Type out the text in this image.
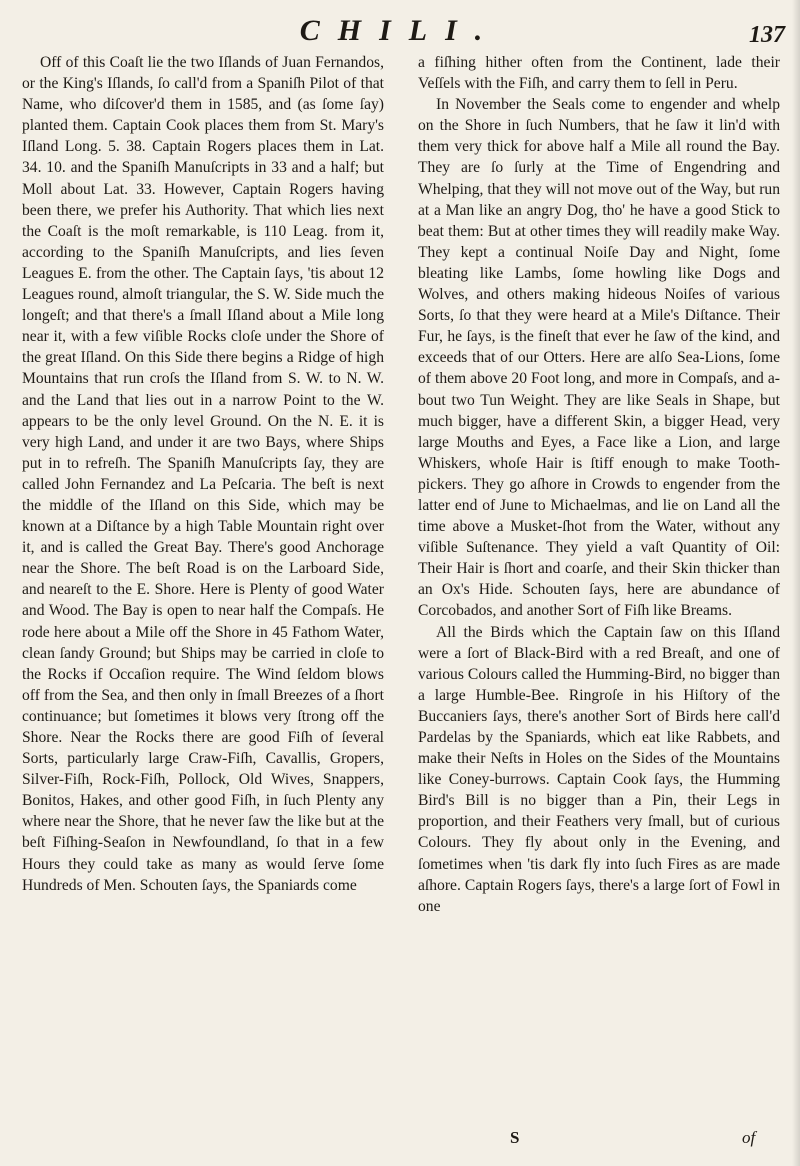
CHILI.	137

Off of this Coaſt lie the two Iſlands of Juan Fernandos, or the King's Iſlands, ſo call'd from a Spaniſh Pilot of that Name, who diſcover'd them in 1585, and (as ſome ſay) planted them. Captain Cook places them from St. Mary's Iſland Long. 5. 38. Captain Rogers places them in Lat. 34. 10. and the Spaniſh Manuſcripts in 33 and a half; but Moll about Lat. 33. However, Captain Rogers having been there, we prefer his Authority. That which lies next the Coaſt is the moſt remarkable, is 110 Leag. from it, according to the Spaniſh Manuſcripts, and lies ſeven Leagues E. from the other. The Captain ſays, 'tis about 12 Leagues round, almoſt triangular, the S. W. Side much the longeſt; and that there's a ſmall Iſland about a Mile long near it, with a few viſible Rocks cloſe under the Shore of the great Iſland. On this Side there begins a Ridge of high Mountains that run croſs the Iſland from S. W. to N. W. and the Land that lies out in a narrow Point to the W. appears to be the only level Ground. On the N. E. it is very high Land, and under it are two Bays, where Ships put in to refreſh. The Spaniſh Manuſcripts ſay, they are called John Fernandez and La Peſcaria. The beſt is next the middle of the Iſland on this Side, which may be known at a Diſtance by a high Table Mountain right over it, and is called the Great Bay. There's good Anchorage near the Shore. The beſt Road is on the Larboard Side, and neareſt to the E. Shore. Here is Plenty of good Water and Wood. The Bay is open to near half the Compaſs. He rode here about a Mile off the Shore in 45 Fathom Water, clean ſandy Ground; but Ships may be carried in cloſe to the Rocks if Occaſion require. The Wind ſeldom blows off from the Sea, and then only in ſmall Breezes of a ſhort continuance; but ſometimes it blows very ſtrong off the Shore. Near the Rocks there are good Fiſh of ſeveral Sorts, particularly large Craw-Fiſh, Cavallis, Gropers, Silver-Fiſh, Rock-Fiſh, Pollock, Old Wives, Snappers, Bonitos, Hakes, and other good Fiſh, in ſuch Plenty any where near the Shore, that he never ſaw the like but at the beſt Fiſhing-Seaſon in Newfoundland, ſo that in a few Hours they could take as many as would ſerve ſome Hundreds of Men. Schouten ſays, the Spaniards come

a fiſhing hither often from the Continent, lade their Veſſels with the Fiſh, and carry them to ſell in Peru.

In November the Seals come to engender and whelp on the Shore in ſuch Numbers, that he ſaw it lin'd with them very thick for above half a Mile all round the Bay. They are ſo ſurly at the Time of Engendring and Whelping, that they will not move out of the Way, but run at a Man like an angry Dog, tho' he have a good Stick to beat them: But at other times they will readily make Way. They kept a continual Noiſe Day and Night, ſome bleating like Lambs, ſome howling like Dogs and Wolves, and others making hideous Noiſes of various Sorts, ſo that they were heard at a Mile's Diſtance. Their Fur, he ſays, is the fineſt that ever he ſaw of the kind, and exceeds that of our Otters. Here are alſo Sea-Lions, ſome of them above 20 Foot long, and more in Compaſs, and about two Tun Weight. They are like Seals in Shape, but much bigger, have a different Skin, a bigger Head, very large Mouths and Eyes, a Face like a Lion, and large Whiskers, whoſe Hair is ſtiff enough to make Tooth-pickers. They go aſhore in Crowds to engender from the latter end of June to Michaelmas, and lie on Land all the time above a Musket-ſhot from the Water, without any viſible Suſtenance. They yield a vaſt Quantity of Oil: Their Hair is ſhort and coarſe, and their Skin thicker than an Ox's Hide. Schouten ſays, here are abundance of Corcobados, and another Sort of Fiſh like Breams.

All the Birds which the Captain ſaw on this Iſland were a ſort of Black-Bird with a red Breaſt, and one of various Colours called the Humming-Bird, no bigger than a large Humble-Bee. Ringroſe in his Hiſtory of the Buccaniers ſays, there's another Sort of Birds here call'd Pardelas by the Spaniards, which eat like Rabbets, and make their Neſts in Holes on the Sides of the Mountains like Coney-burrows. Captain Cook ſays, the Humming Bird's Bill is no bigger than a Pin, their Legs in proportion, and their Feathers very ſmall, but of curious Colours. They fly about only in the Evening, and ſometimes when 'tis dark fly into ſuch Fires as are made aſhore. Captain Rogers ſays, there's a large ſort of Fowl in one

S	of
